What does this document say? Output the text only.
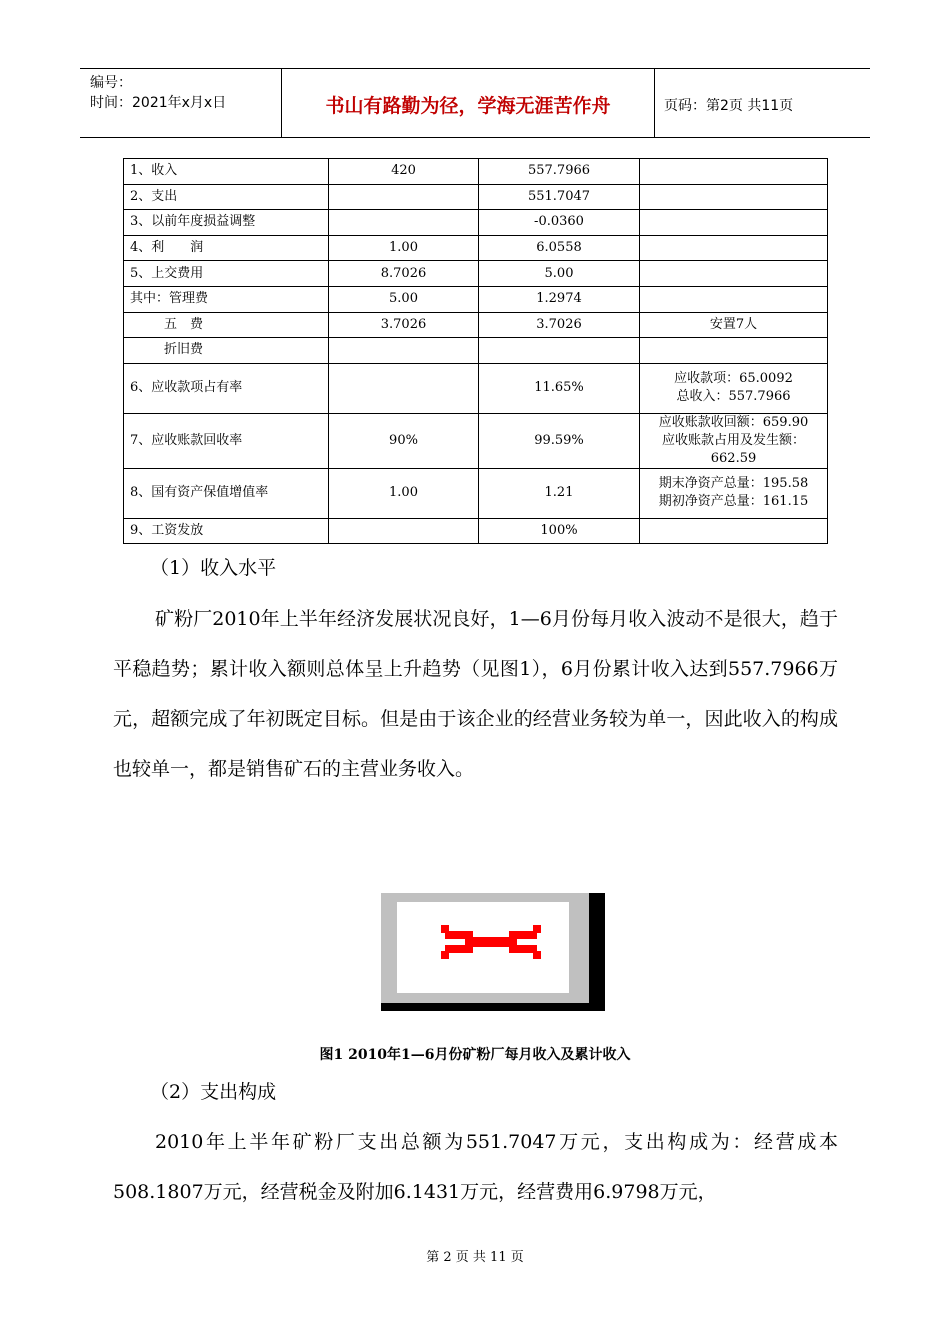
编号：
时间：2021年x月x日	书山有路勤为径，学海无涯苦作舟	页码：第2页 共11页
1、收入	420	557.7966	

2、支出		551.7047	

3、以前年度损益调整		-0.0360	

4、利　　润	1.00	6.0558	

5、上交费用	8.7026	5.00	

其中：管理费	5.00	1.2974	

五　费	3.7026	3.7026	安置7人

折旧费			

6、应收款项占有率		11.65%	应收款项：65.0092
总收入：557.7966

7、应收账款回收率	90%	99.59%	应收账款收回额：659.90
应收账款占用及发生额：662.59

8、国有资产保值增值率	1.00	1.21	期末净资产总量：195.58
期初净资产总量：161.15

9、工资发放		100%	
（1）收入水平
矿粉厂2010年上半年经济发展状况良好，1—6月份每月收入波动不是很大，趋于平稳趋势；累计收入额则总体呈上升趋势（见图1），6月份累计收入达到557.7966万元，超额完成了年初既定目标。但是由于该企业的经营业务较为单一，因此收入的构成也较单一，都是销售矿石的主营业务收入。
图1 2010年1—6月份矿粉厂每月收入及累计收入
（2）支出构成
2010年上半年矿粉厂支出总额为551.7047万元，支出构成为：经营成本508.1807万元，经营税金及附加6.1431万元，经营费用6.9798万元，
第 2 页 共 11 页
